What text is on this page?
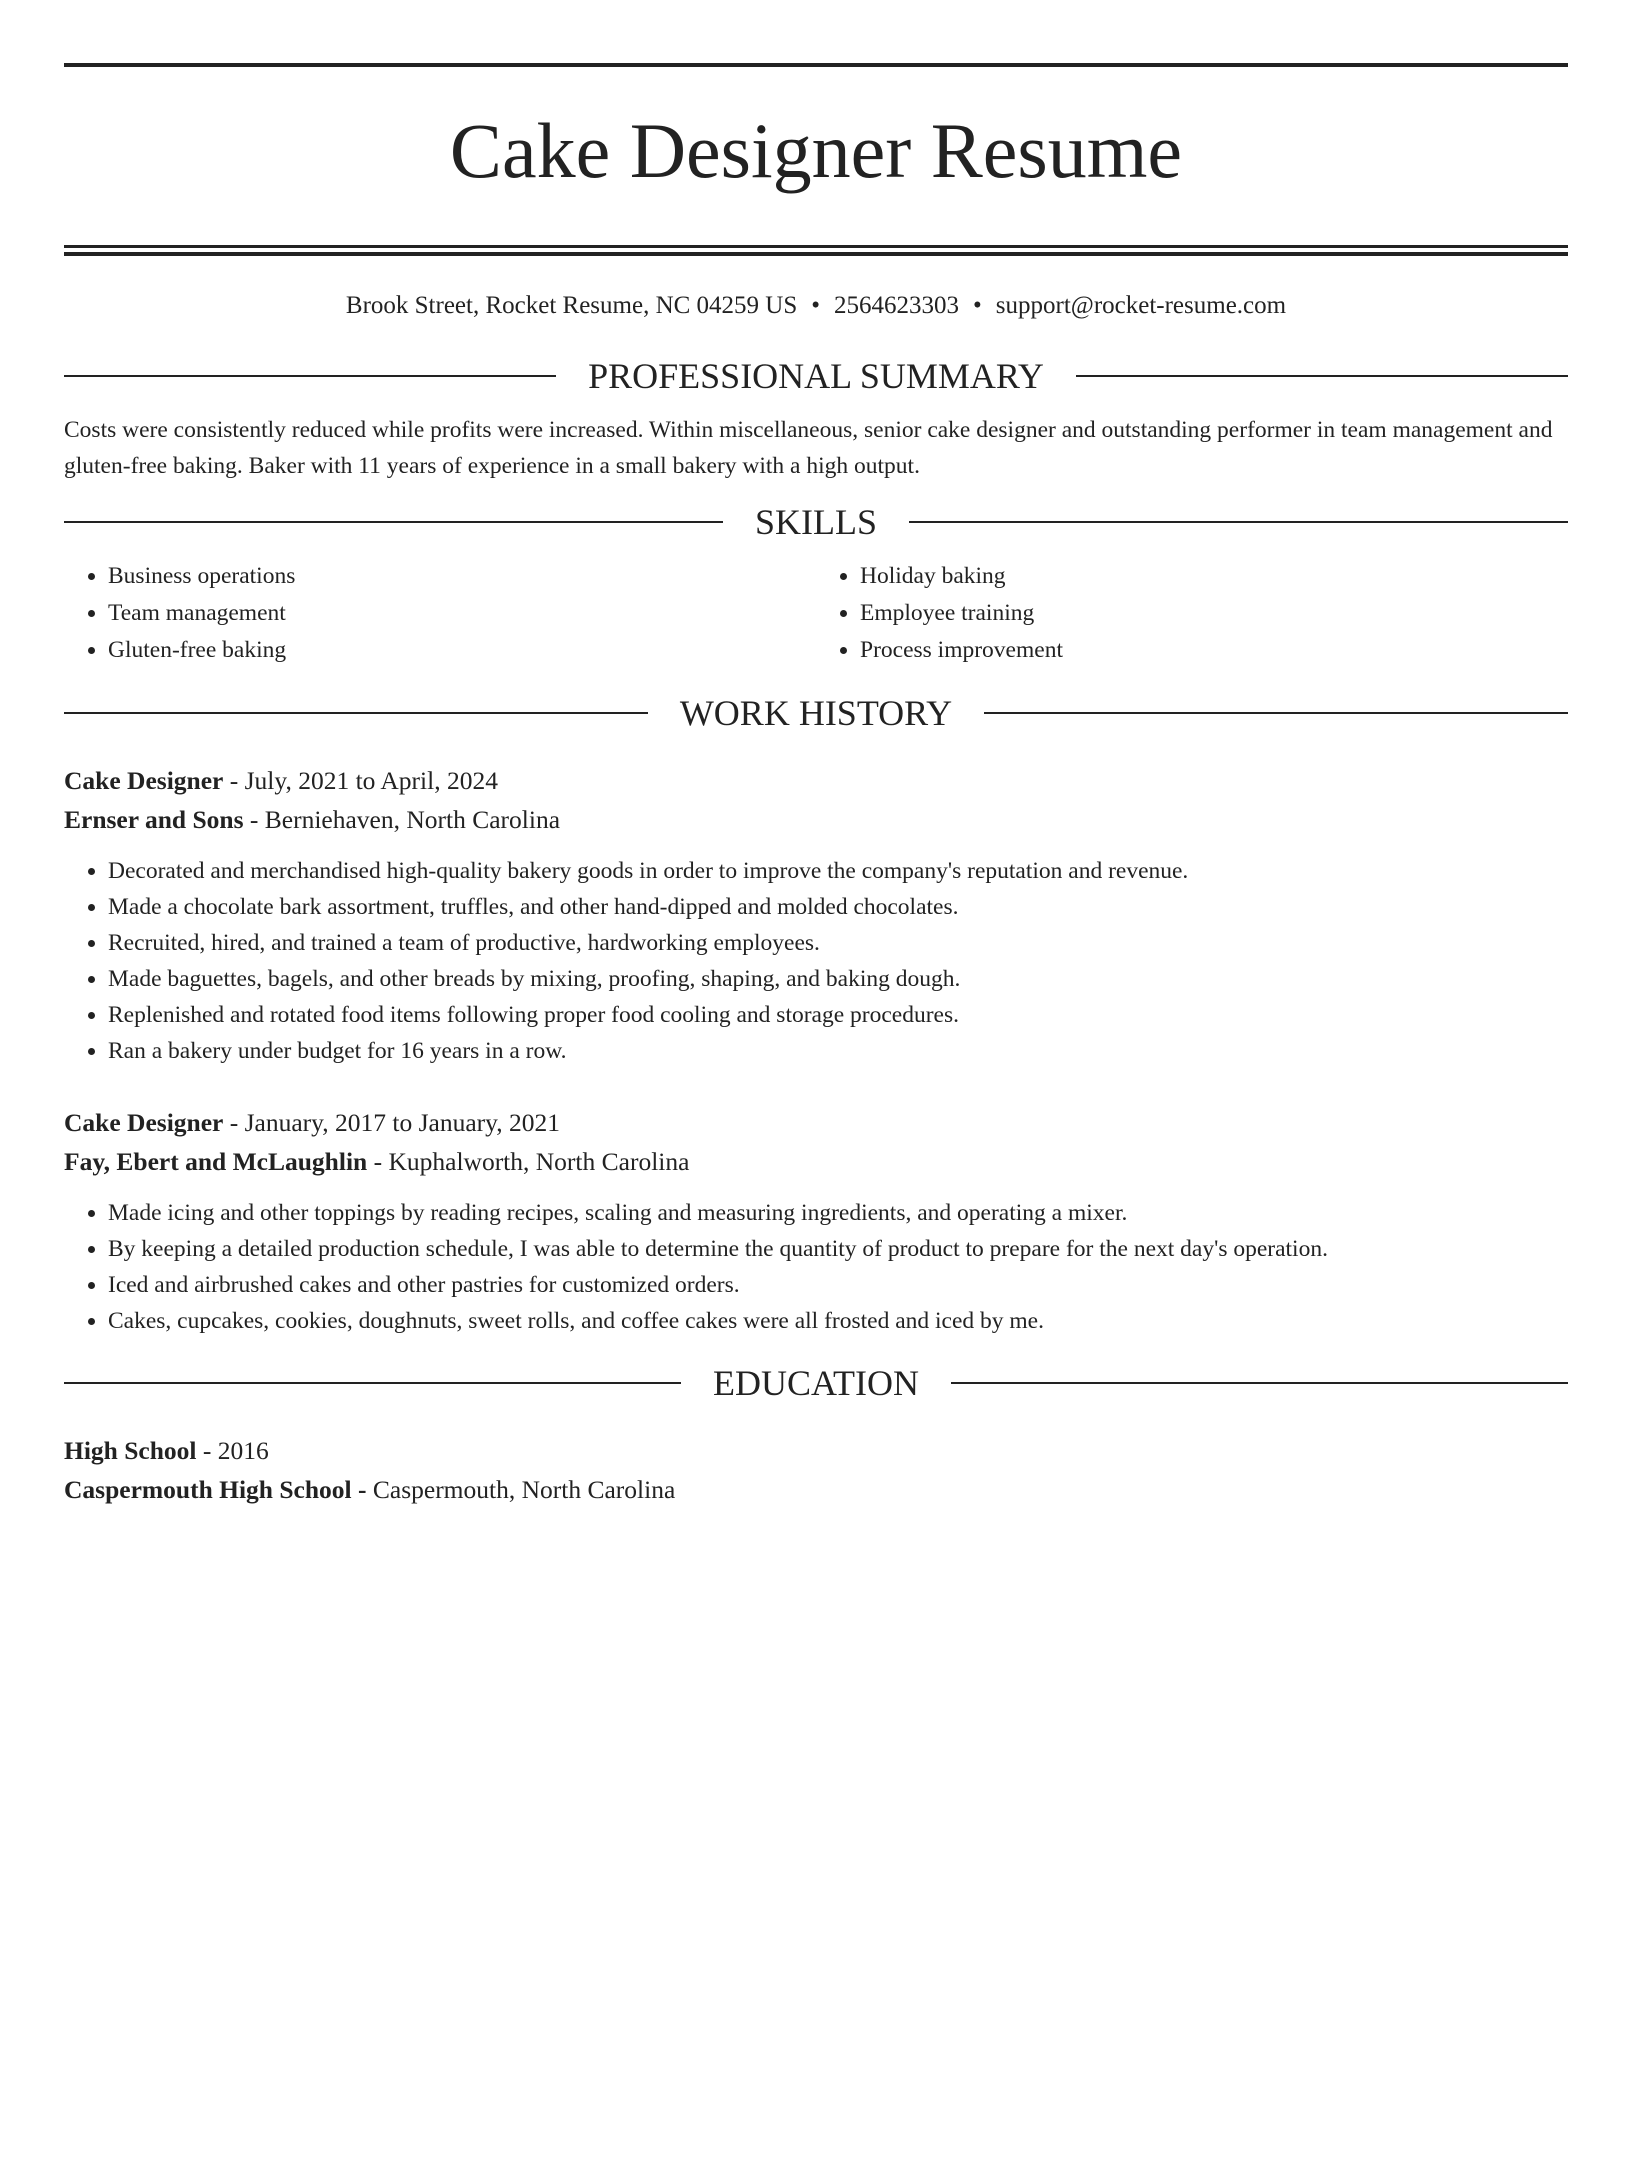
Cake Designer Resume
Brook Street, Rocket Resume, NC 04259 US • 2564623303 • support@rocket-resume.com
PROFESSIONAL SUMMARY

Costs were consistently reduced while profits were increased. Within miscellaneous, senior cake designer and outstanding performer in team management and gluten-free baking. Baker with 11 years of experience in a small bakery with a high output.

SKILLS
• Business operations
• Team management
• Gluten-free baking
• Holiday baking
• Employee training
• Process improvement
WORK HISTORY
Cake Designer - July, 2021 to April, 2024
Ernser and Sons - Berniehaven, North Carolina
• Decorated and merchandised high-quality bakery goods in order to improve the company's reputation and revenue.
• Made a chocolate bark assortment, truffles, and other hand-dipped and molded chocolates.
• Recruited, hired, and trained a team of productive, hardworking employees.
• Made baguettes, bagels, and other breads by mixing, proofing, shaping, and baking dough.
• Replenished and rotated food items following proper food cooling and storage procedures.
• Ran a bakery under budget for 16 years in a row.
Cake Designer - January, 2017 to January, 2021
Fay, Ebert and McLaughlin - Kuphalworth, North Carolina
• Made icing and other toppings by reading recipes, scaling and measuring ingredients, and operating a mixer.
• By keeping a detailed production schedule, I was able to determine the quantity of product to prepare for the next day's operation.
• Iced and airbrushed cakes and other pastries for customized orders.
• Cakes, cupcakes, cookies, doughnuts, sweet rolls, and coffee cakes were all frosted and iced by me.
EDUCATION
High School - 2016
Caspermouth High School - Caspermouth, North Carolina
